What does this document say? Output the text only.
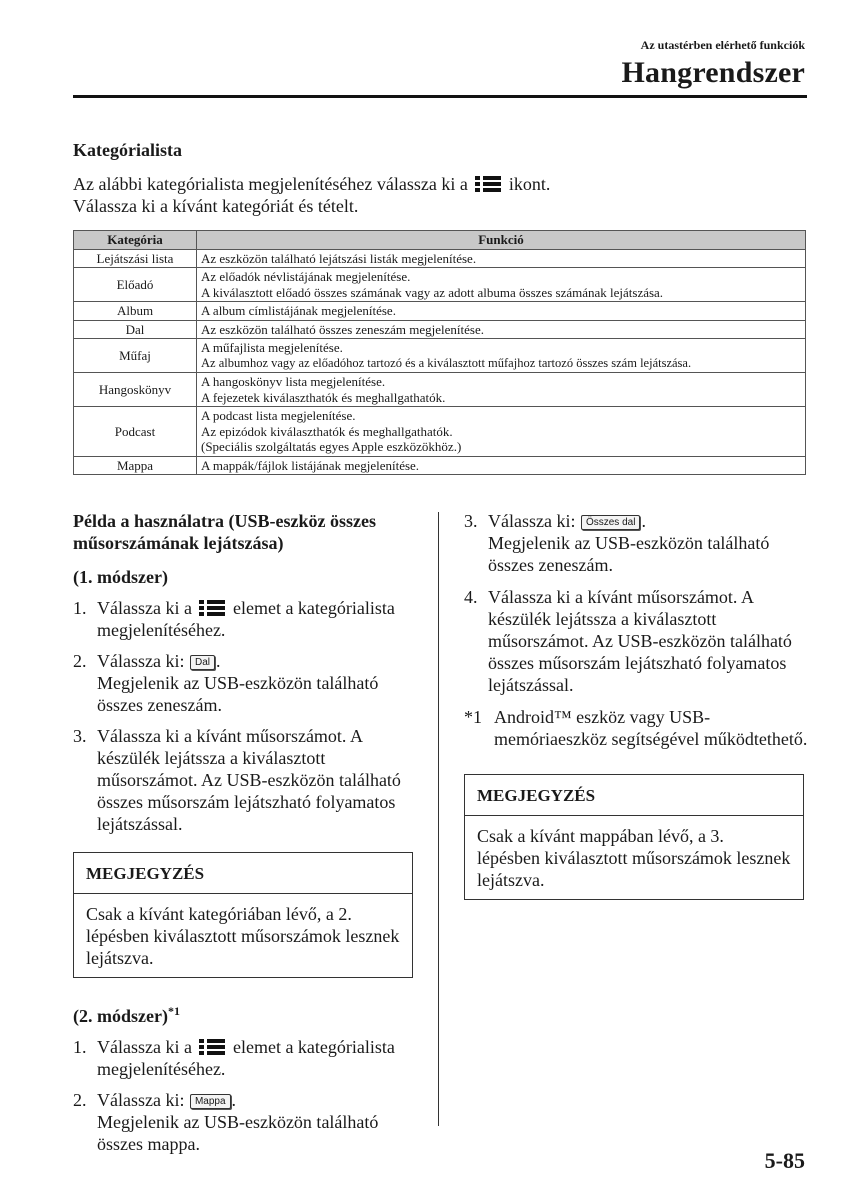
Az utastérben elérhető funkciók
Hangrendszer
Kategórialista
Az alábbi kategórialista megjelenítéséhez válassza ki a ikont.
Válassza ki a kívánt kategóriát és tételt.
Kategória	Funkció
Lejátszási lista	Az eszközön található lejátszási listák megjelenítése.

Előadó	Az előadók névlistájának megjelenítése.
A kiválasztott előadó összes számának vagy az adott albuma összes számának lejátszása.

Album	A album címlistájának megjelenítése.

Dal	Az eszközön található összes zeneszám megjelenítése.

Műfaj	A műfajlista megjelenítése.
Az albumhoz vagy az előadóhoz tartozó és a kiválasztott műfajhoz tartozó összes szám lejátszása.

Hangoskönyv	A hangoskönyv lista megjelenítése.
A fejezetek kiválaszthatók és meghallgathatók.

Podcast	A podcast lista megjelenítése.
Az epizódok kiválaszthatók és meghallgathatók.
(Speciális szolgáltatás egyes Apple eszközökhöz.)

Mappa	A mappák/fájlok listájának megjelenítése.
Példa a használatra (USB-eszköz összes műsorszámának lejátszása)
(1. módszer)
1. Válassza ki a elemet a kategórialista megjelenítéséhez.
2. Válassza ki: Dal .
Megjelenik az USB-eszközön található összes zeneszám.
3. Válassza ki a kívánt műsorszámot. A készülék lejátssza a kiválasztott műsorszámot. Az USB-eszközön található összes műsorszám lejátszható folyamatos lejátszással.
MEGJEGYZÉS
Csak a kívánt kategóriában lévő, a 2. lépésben kiválasztott műsorszámok lesznek lejátszva.
(2. módszer)$^{*1}$
1. Válassza ki a elemet a kategórialista megjelenítéséhez.
2. Válassza ki: Mappa .
Megjelenik az USB-eszközön található összes mappa.
3. Válassza ki: Összes dal .
Megjelenik az USB-eszközön található összes zeneszám.
4. Válassza ki a kívánt műsorszámot. A készülék lejátssza a kiválasztott műsorszámot. Az USB-eszközön található összes műsorszám lejátszható folyamatos lejátszással.
*1 Android™ eszköz vagy USB-memóriaeszköz segítségével működtethető.
MEGJEGYZÉS
Csak a kívánt mappában lévő, a 3. lépésben kiválasztott műsorszámok lesznek lejátszva.
5-85
